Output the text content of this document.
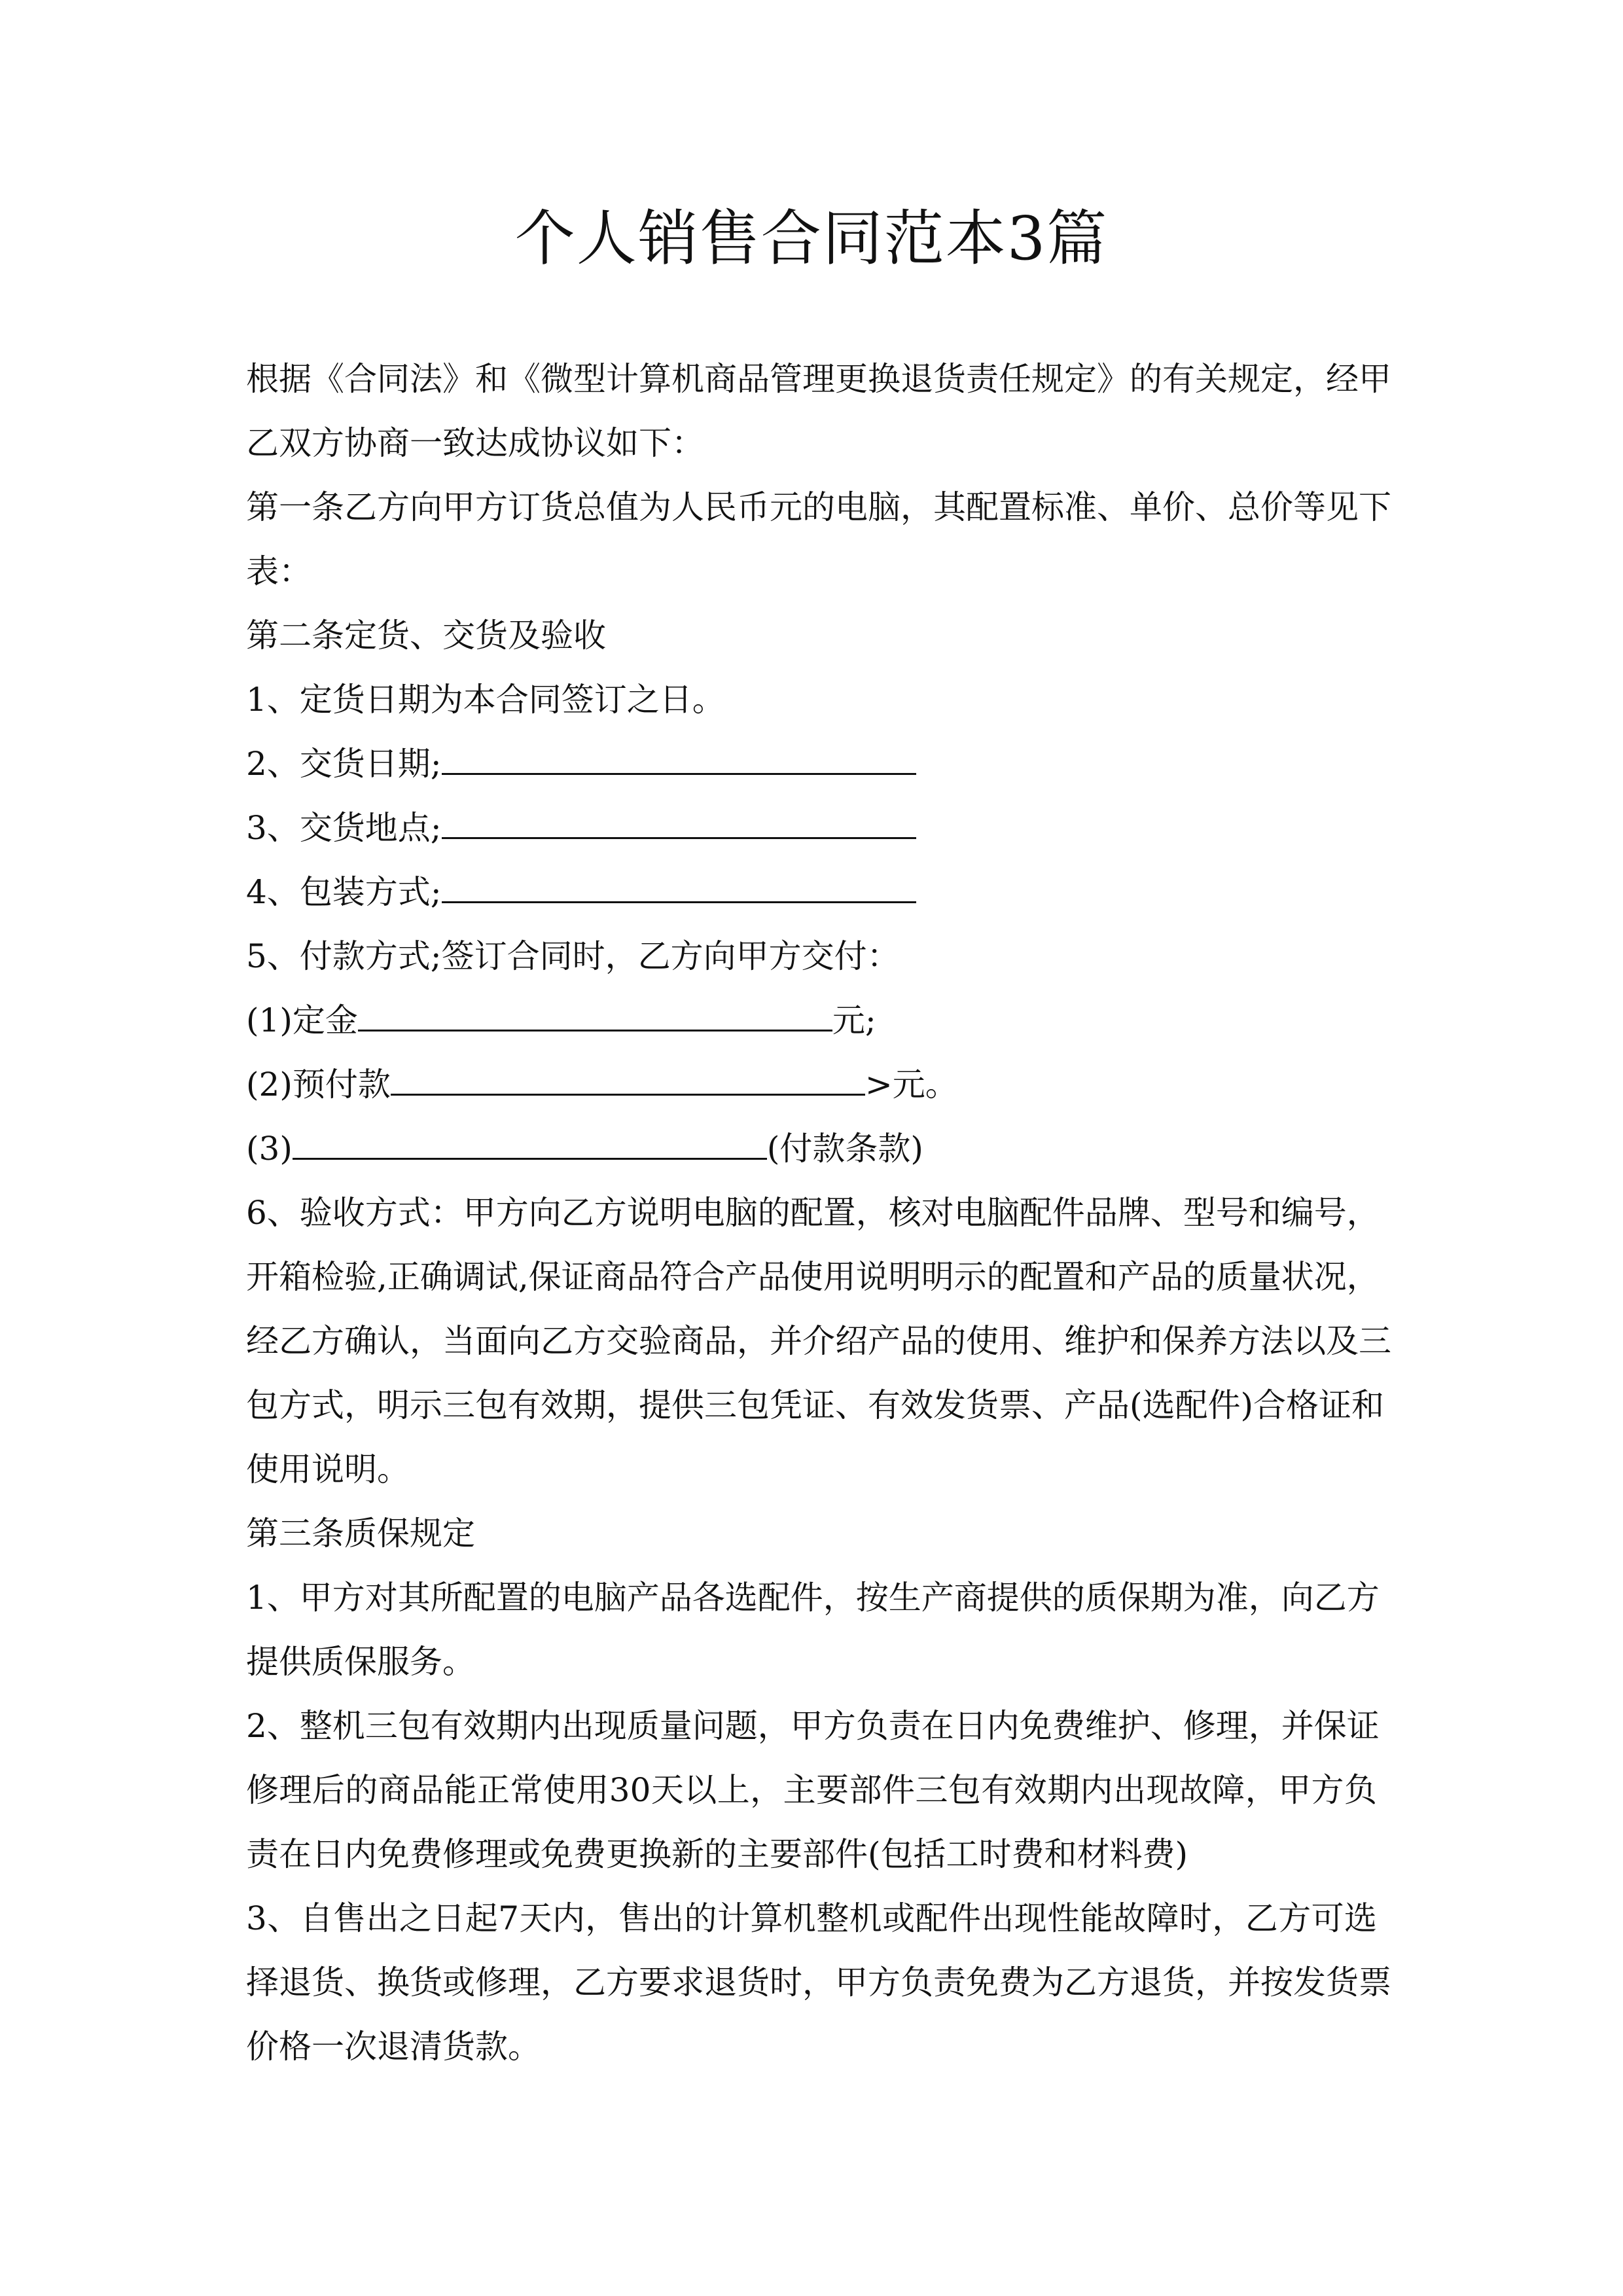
个人销售合同范本3篇
根据《合同法》和《微型计算机商品管理更换退货责任规定》的有关规定，经甲
乙双方协商一致达成协议如下：
第一条乙方向甲方订货总值为人民币元的电脑，其配置标准、单价、总价等见下
表：
第二条定货、交货及验收
1、定货日期为本合同签订之日。
2、交货日期;
3、交货地点;
4、包装方式;
5、付款方式;签订合同时，乙方向甲方交付：
(1)定金	元;
(2)预付款	>元。
(3)	(付款条款)
6、验收方式：甲方向乙方说明电脑的配置，核对电脑配件品牌、型号和编号，
开箱检验,正确调试,保证商品符合产品使用说明明示的配置和产品的质量状况，
经乙方确认，当面向乙方交验商品，并介绍产品的使用、维护和保养方法以及三
包方式，明示三包有效期，提供三包凭证、有效发货票、产品(选配件)合格证和
使用说明。
第三条质保规定
1、甲方对其所配置的电脑产品各选配件，按生产商提供的质保期为准，向乙方
提供质保服务。
2、整机三包有效期内出现质量问题，甲方负责在日内免费维护、修理，并保证
修理后的商品能正常使用30天以上，主要部件三包有效期内出现故障，甲方负
责在日内免费修理或免费更换新的主要部件(包括工时费和材料费)
3、自售出之日起7天内，售出的计算机整机或配件出现性能故障时，乙方可选
择退货、换货或修理，乙方要求退货时，甲方负责免费为乙方退货，并按发货票
价格一次退清货款。
